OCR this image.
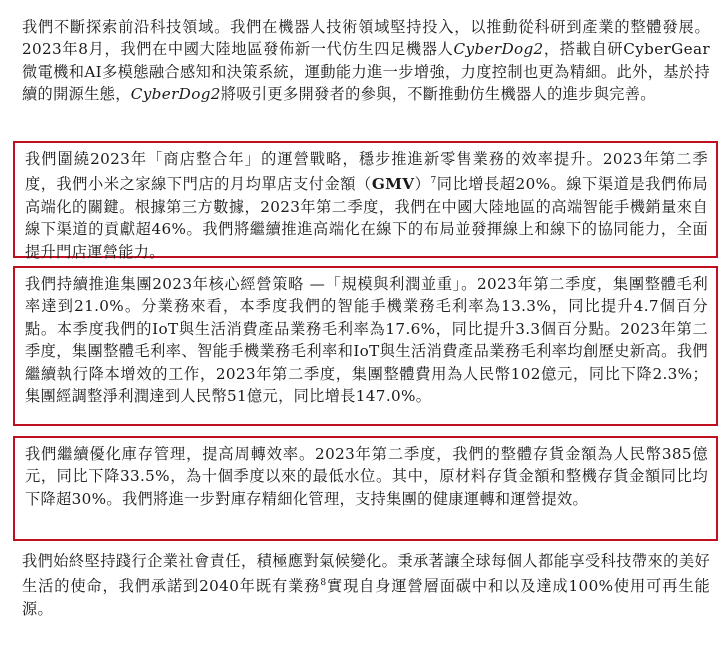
我們不斷探索前沿科技領域。我們在機器人技術領域堅持投入，以推動從科研到產業的整體發展。2023年8月，我們在中國大陸地區發佈新一代仿生四足機器人CyberDog2，搭載自研CyberGear微電機和AI多模態融合感知和決策系統，運動能力進一步增強，力度控制也更為精細。此外，基於持續的開源生態，CyberDog2將吸引更多開發者的參與，不斷推動仿生機器人的進步與完善。

我們圍繞2023年「商店整合年」的運營戰略，穩步推進新零售業務的效率提升。2023年第二季度，我們小米之家線下門店的月均單店支付金額（GMV）$^7$同比增長超20%。線下渠道是我們佈局高端化的關鍵。根據第三方數據，2023年第二季度，我們在中國大陸地區的高端智能手機銷量來自線下渠道的貢獻超46%。我們將繼續推進高端化在線下的布局並發揮線上和線下的協同能力，全面提升門店運營能力。

我們持續推進集團2023年核心經營策略 —「規模與利潤並重」。2023年第二季度，集團整體毛利率達到21.0%。分業務來看，本季度我們的智能手機業務毛利率為13.3%，同比提升4.7個百分點。本季度我們的IoT與生活消費產品業務毛利率為17.6%，同比提升3.3個百分點。2023年第二季度，集團整體毛利率、智能手機業務毛利率和IoT與生活消費產品業務毛利率均創歷史新高。我們繼續執行降本增效的工作，2023年第二季度，集團整體費用為人民幣102億元，同比下降2.3%；集團經調整淨利潤達到人民幣51億元，同比增長147.0%。

我們繼續優化庫存管理，提高周轉效率。2023年第二季度，我們的整體存貨金額為人民幣385億元，同比下降33.5%，為十個季度以來的最低水位。其中，原材料存貨金額和整機存貨金額同比均下降超30%。我們將進一步對庫存精細化管理，支持集團的健康運轉和運營提效。

我們始終堅持踐行企業社會責任，積極應對氣候變化。秉承著讓全球每個人都能享受科技帶來的美好生活的使命，我們承諾到2040年既有業務$^8$實現自身運營層面碳中和以及達成100%使用可再生能源。
